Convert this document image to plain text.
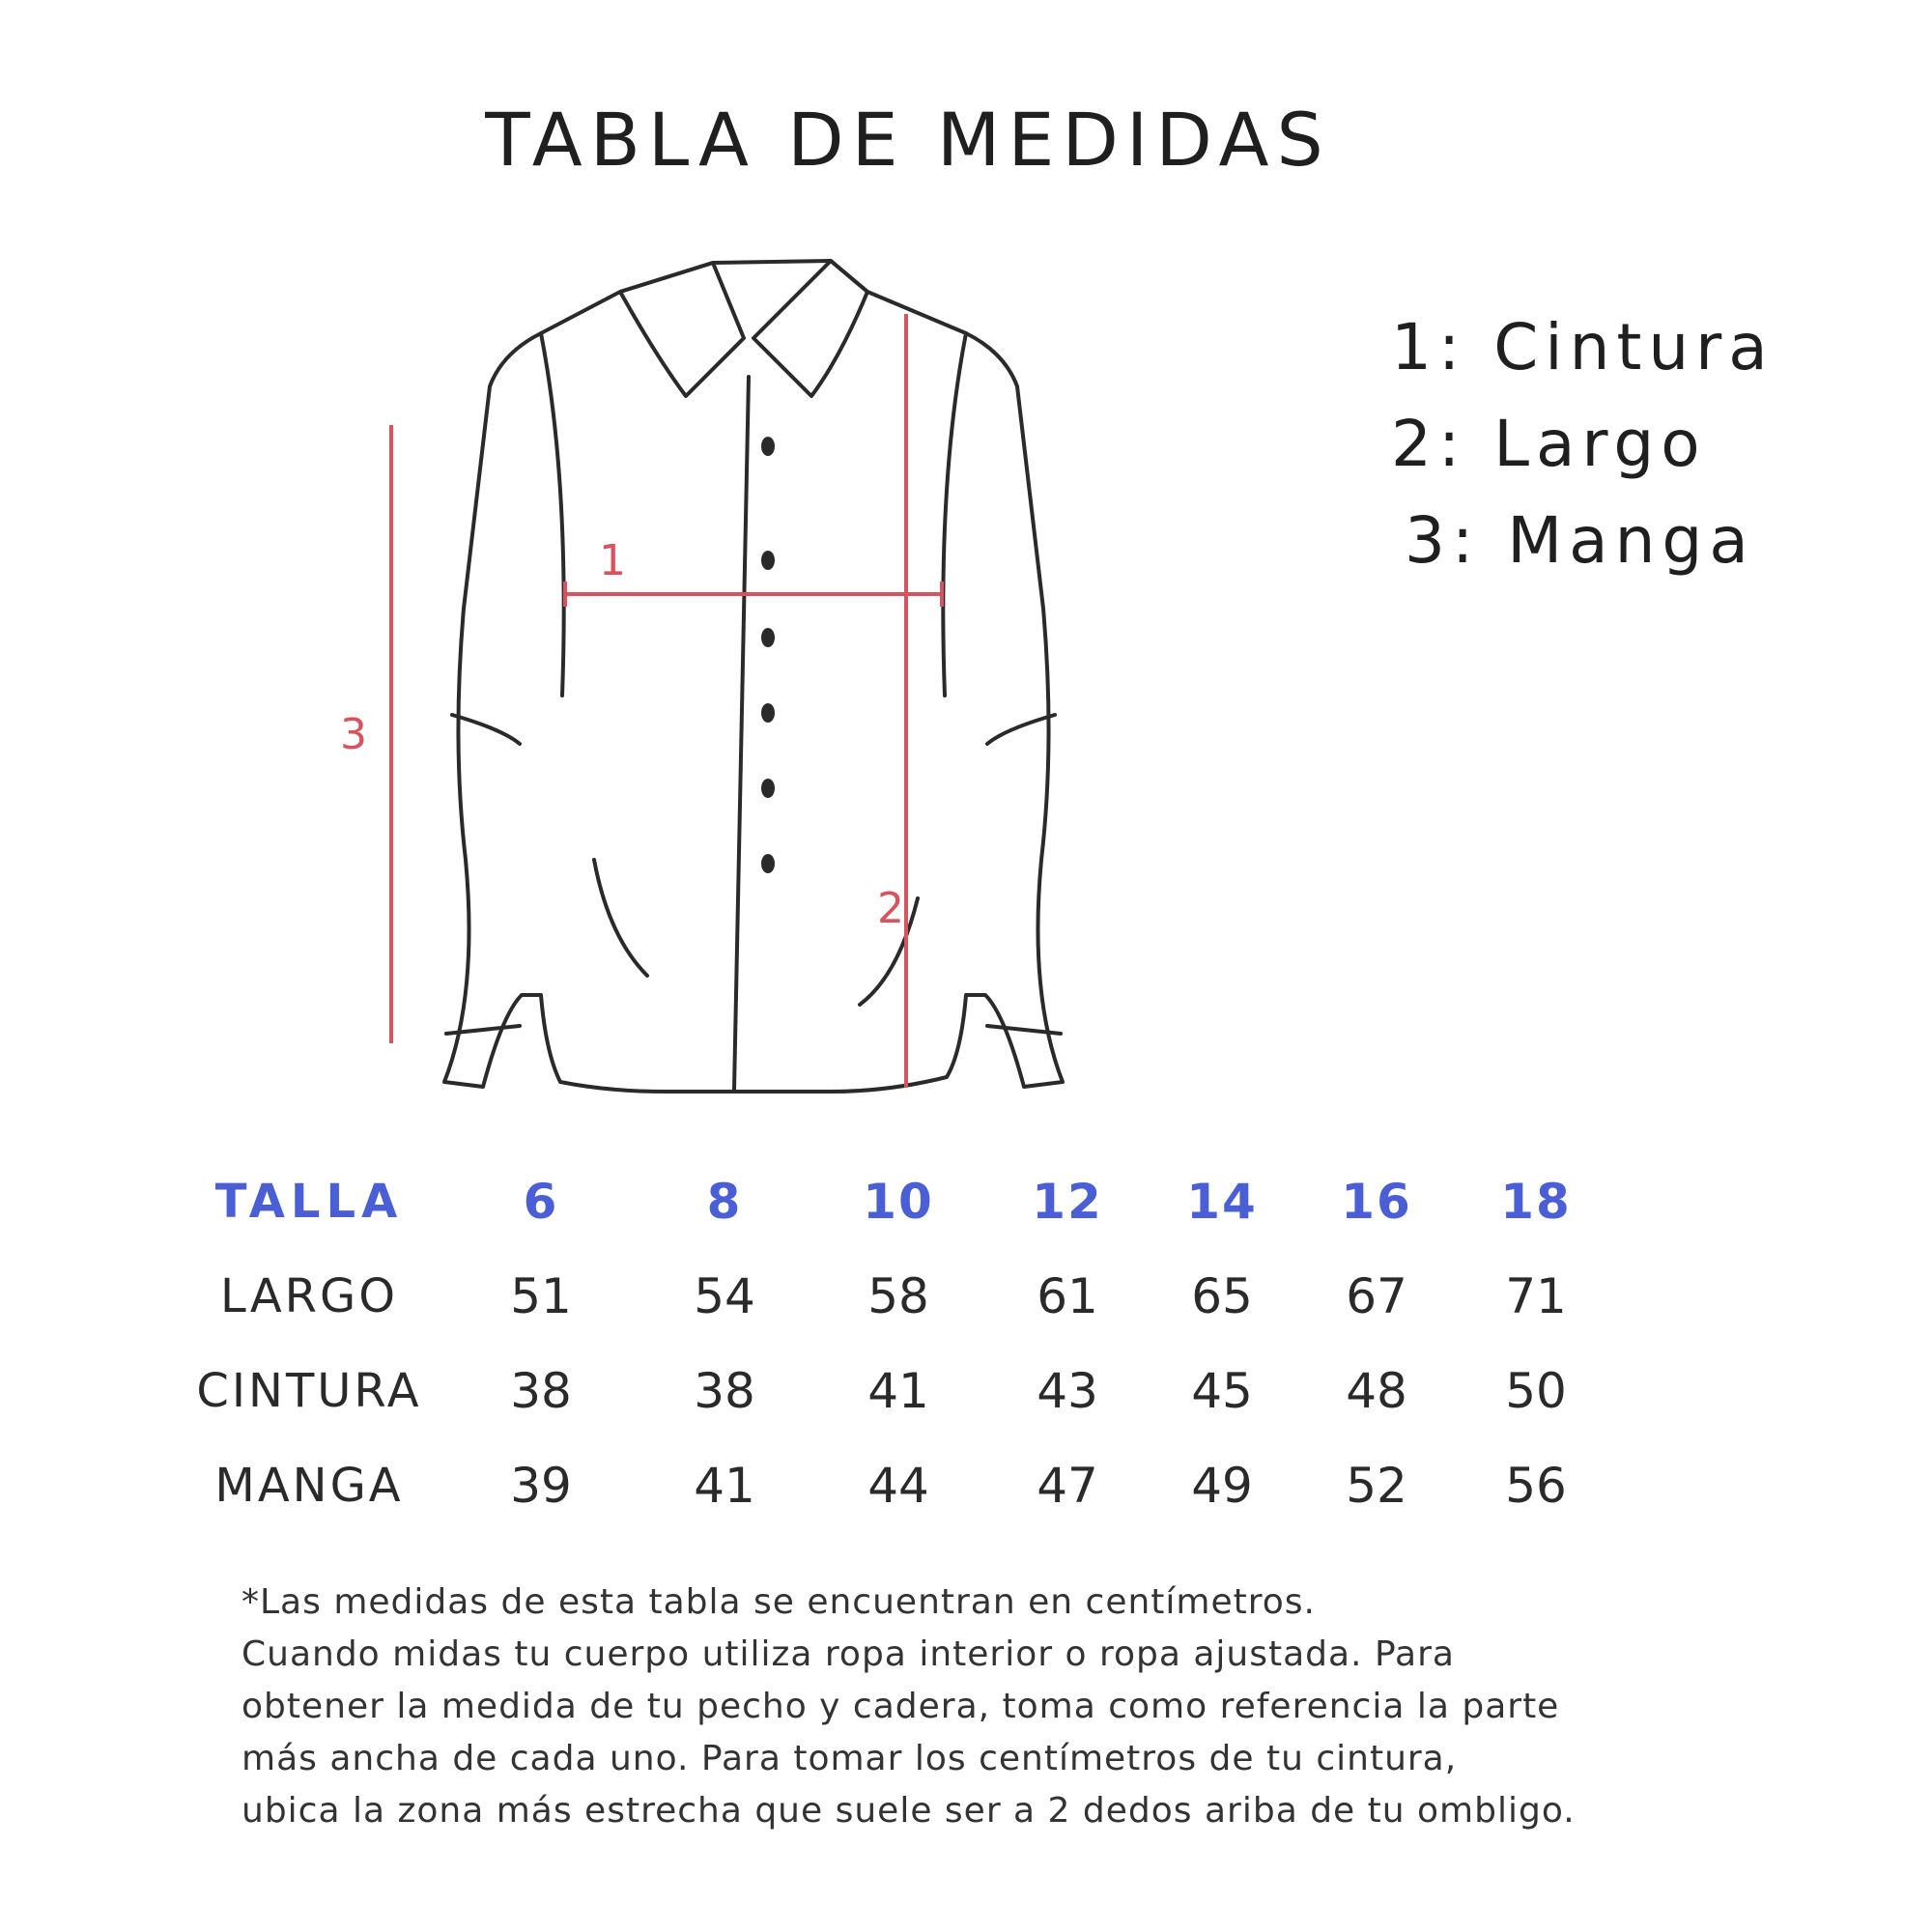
TABLA DE MEDIDAS
1
2
3
1: Cintura
2: Largo
3: Manga
TALLA	6	8	10	12	14	16	18
LARGO	51	54	58	61	65	67	71
CINTURA	38	38	41	43	45	48	50
MANGA	39	41	44	47	49	52	56

*Las medidas de esta tabla se encuentran en centímetros.

Cuando midas tu cuerpo utiliza ropa interior o ropa ajustada. Para

obtener la medida de tu pecho y cadera, toma como referencia la parte

más ancha de cada uno. Para tomar los centímetros de tu cintura,

ubica la zona más estrecha que suele ser a 2 dedos ariba de tu ombligo.
